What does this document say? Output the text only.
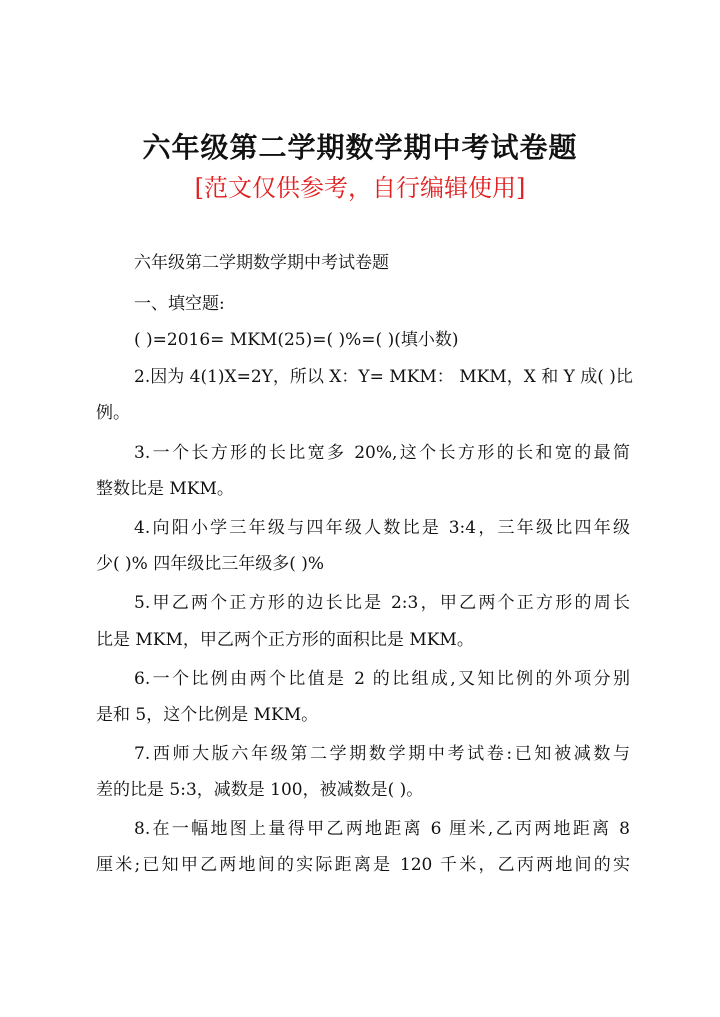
六年级第二学期数学期中考试卷题
[范文仅供参考，自行编辑使用]
六年级第二学期数学期中考试卷题
一、填空题:
( )=2016= MKM(25)=( )%=( )(填小数)
2.因为 4(1)X=2Y，所以 X：Y= MKM： MKM，X 和 Y 成( )比
例。
3.一个长方形的长比宽多 20%,这个长方形的长和宽的最简
整数比是 MKM。
4.向阳小学三年级与四年级人数比是 3:4，三年级比四年级
少( )% 四年级比三年级多( )%
5.甲乙两个正方形的边长比是 2:3，甲乙两个正方形的周长
比是 MKM，甲乙两个正方形的面积比是 MKM。
6.一个比例由两个比值是 2 的比组成,又知比例的外项分别
是和 5，这个比例是 MKM。
7.西师大版六年级第二学期数学期中考试卷:已知被减数与
差的比是 5:3，减数是 100，被减数是( )。
8.在一幅地图上量得甲乙两地距离 6 厘米,乙丙两地距离 8
厘米;已知甲乙两地间的实际距离是 120 千米，乙丙两地间的实
